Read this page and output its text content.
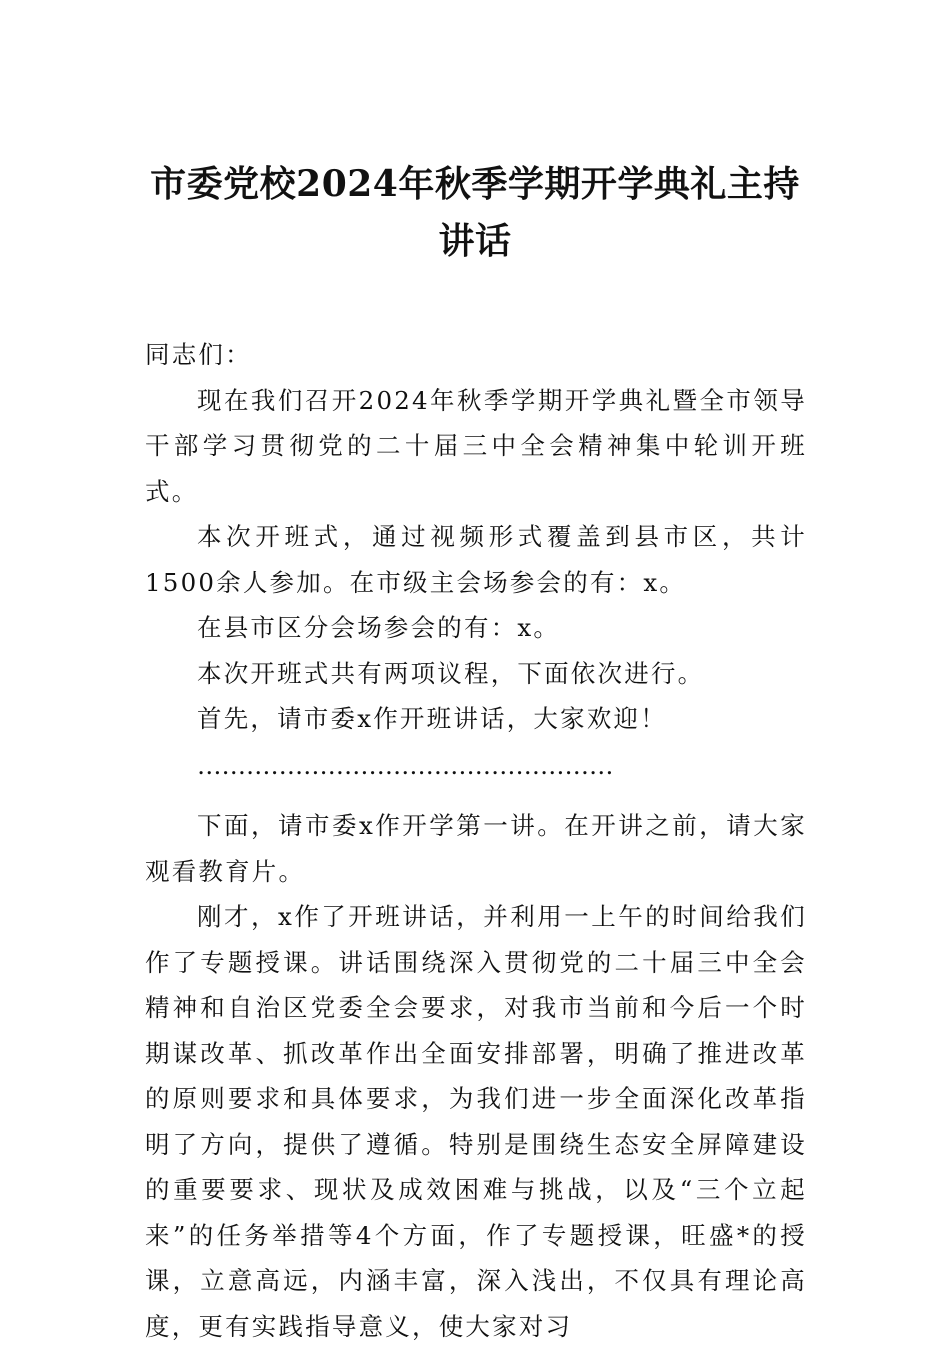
市委党校2024年秋季学期开学典礼主持讲话

同志们：

现在我们召开2024年秋季学期开学典礼暨全市领导干部学习贯彻党的二十届三中全会精神集中轮训开班式。

本次开班式，通过视频形式覆盖到县市区，共计1500余人参加。在市级主会场参会的有：x。

在县市区分会场参会的有：x。

本次开班式共有两项议程，下面依次进行。

首先，请市委x作开班讲话，大家欢迎！

……………………………………………

下面，请市委x作开学第一讲。在开讲之前，请大家观看教育片。

刚才，x作了开班讲话，并利用一上午的时间给我们作了专题授课。讲话围绕深入贯彻党的二十届三中全会精神和自治区党委全会要求，对我市当前和今后一个时期谋改革、抓改革作出全面安排部署，明确了推进改革的原则要求和具体要求，为我们进一步全面深化改革指明了方向，提供了遵循。特别是围绕生态安全屏障建设的重要要求、现状及成效困难与挑战，以及“三个立起来”的任务举措等4个方面，作了专题授课，旺盛*的授课，立意高远，内涵丰富，深入浅出，不仅具有理论高度，更有实践指导意义，使大家对习
